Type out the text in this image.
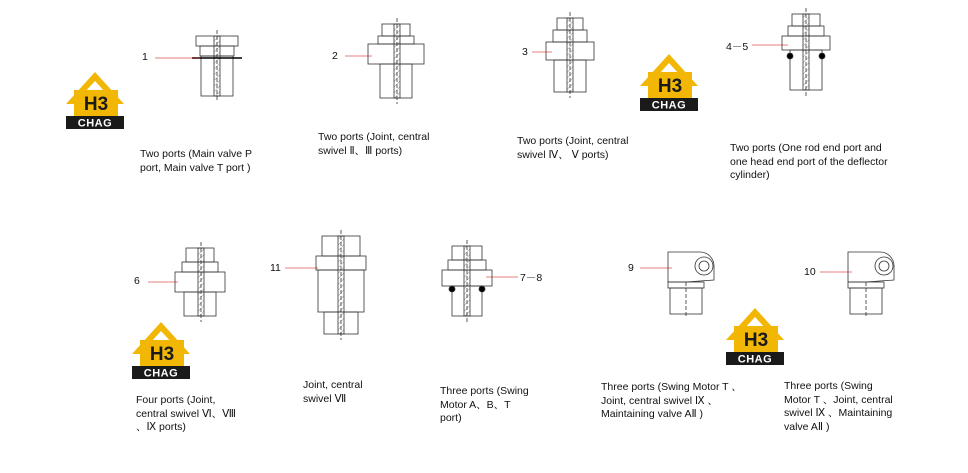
1	2	3	4－5
6
11
7－8
9	10
Two ports (Main valve P
port, Main valve T port )
Two ports (Joint, central
swivel Ⅱ、Ⅲ ports)
Two ports (Joint, central
swivel Ⅳ、 Ⅴ ports)
Two ports (One rod end port and
one head end port of the deflector
cylinder)
Four ports (Joint,
central swivel Ⅵ、Ⅷ
、Ⅸ ports)
Joint, central
swivel Ⅶ
Three ports (Swing
Motor A、B、T
port)
Three ports (Swing Motor T 、
Joint, central swivel Ⅸ 、
Maintaining valve AⅡ )
Three ports (Swing
Motor T 、Joint, central
swivel Ⅸ 、Maintaining
valve AⅡ )
H3
CHAG
H3
CHAG
H3
CHAG
H3
CHAG
